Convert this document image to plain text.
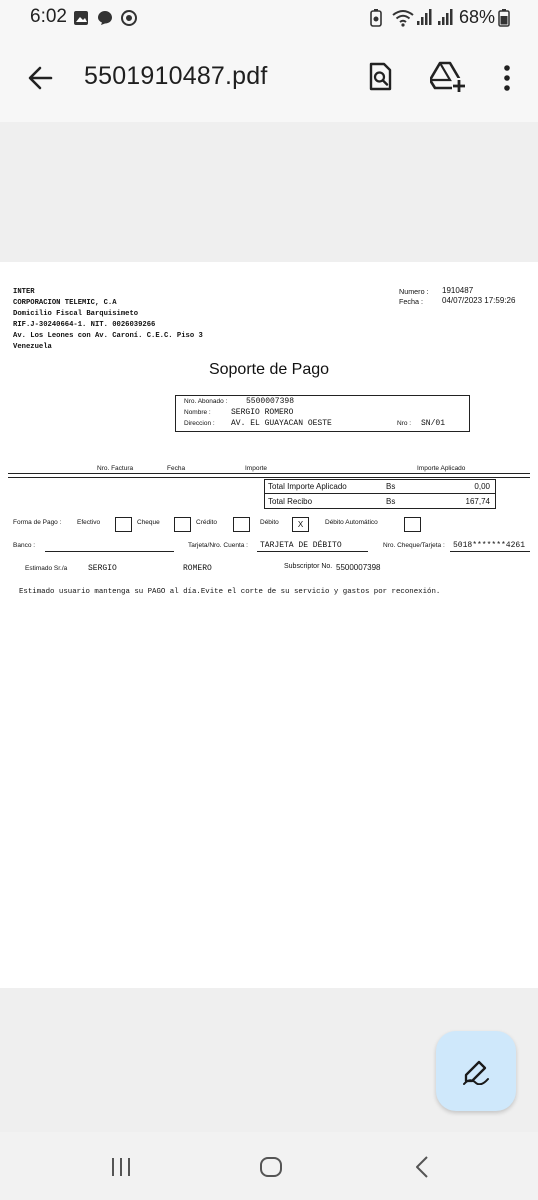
6:02	68%
5501910487.pdf
INTER
CORPORACION TELEMIC, C.A
Domicilio Fiscal Barquisimeto
RIF.J-30240664-1. NIT. 0026039266
Av. Los Leones con Av. Caroní. C.E.C. Piso 3
Venezuela
Numero : 1910487
Fecha : 04/07/2023 17:59:26
Soporte de Pago
Nro. Abonado : 5500007398
Nombre :	SERGIO ROMERO
Direccion : AV. EL GUAYACAN OESTE	Nro : SN/01
Nro. Factura	Fecha	Importe	Importe Aplicado
Total Importe Aplicado	Bs	0,00
Total Recibo	Bs	167,74
Forma de Pago : Efectivo	Cheque	Crédito	Débito	X	Débito Automático
Banco :	Tarjeta/Nro. Cuenta : TARJETA DE DÉBITO	Nro. Cheque/Tarjeta : 5018*******4261
Estimado Sr./a	SERGIO	ROMERO	Subscriptor No. 5500007398
Estimado usuario mantenga su PAGO al día.Evite el corte de su servicio y gastos por reconexión.
